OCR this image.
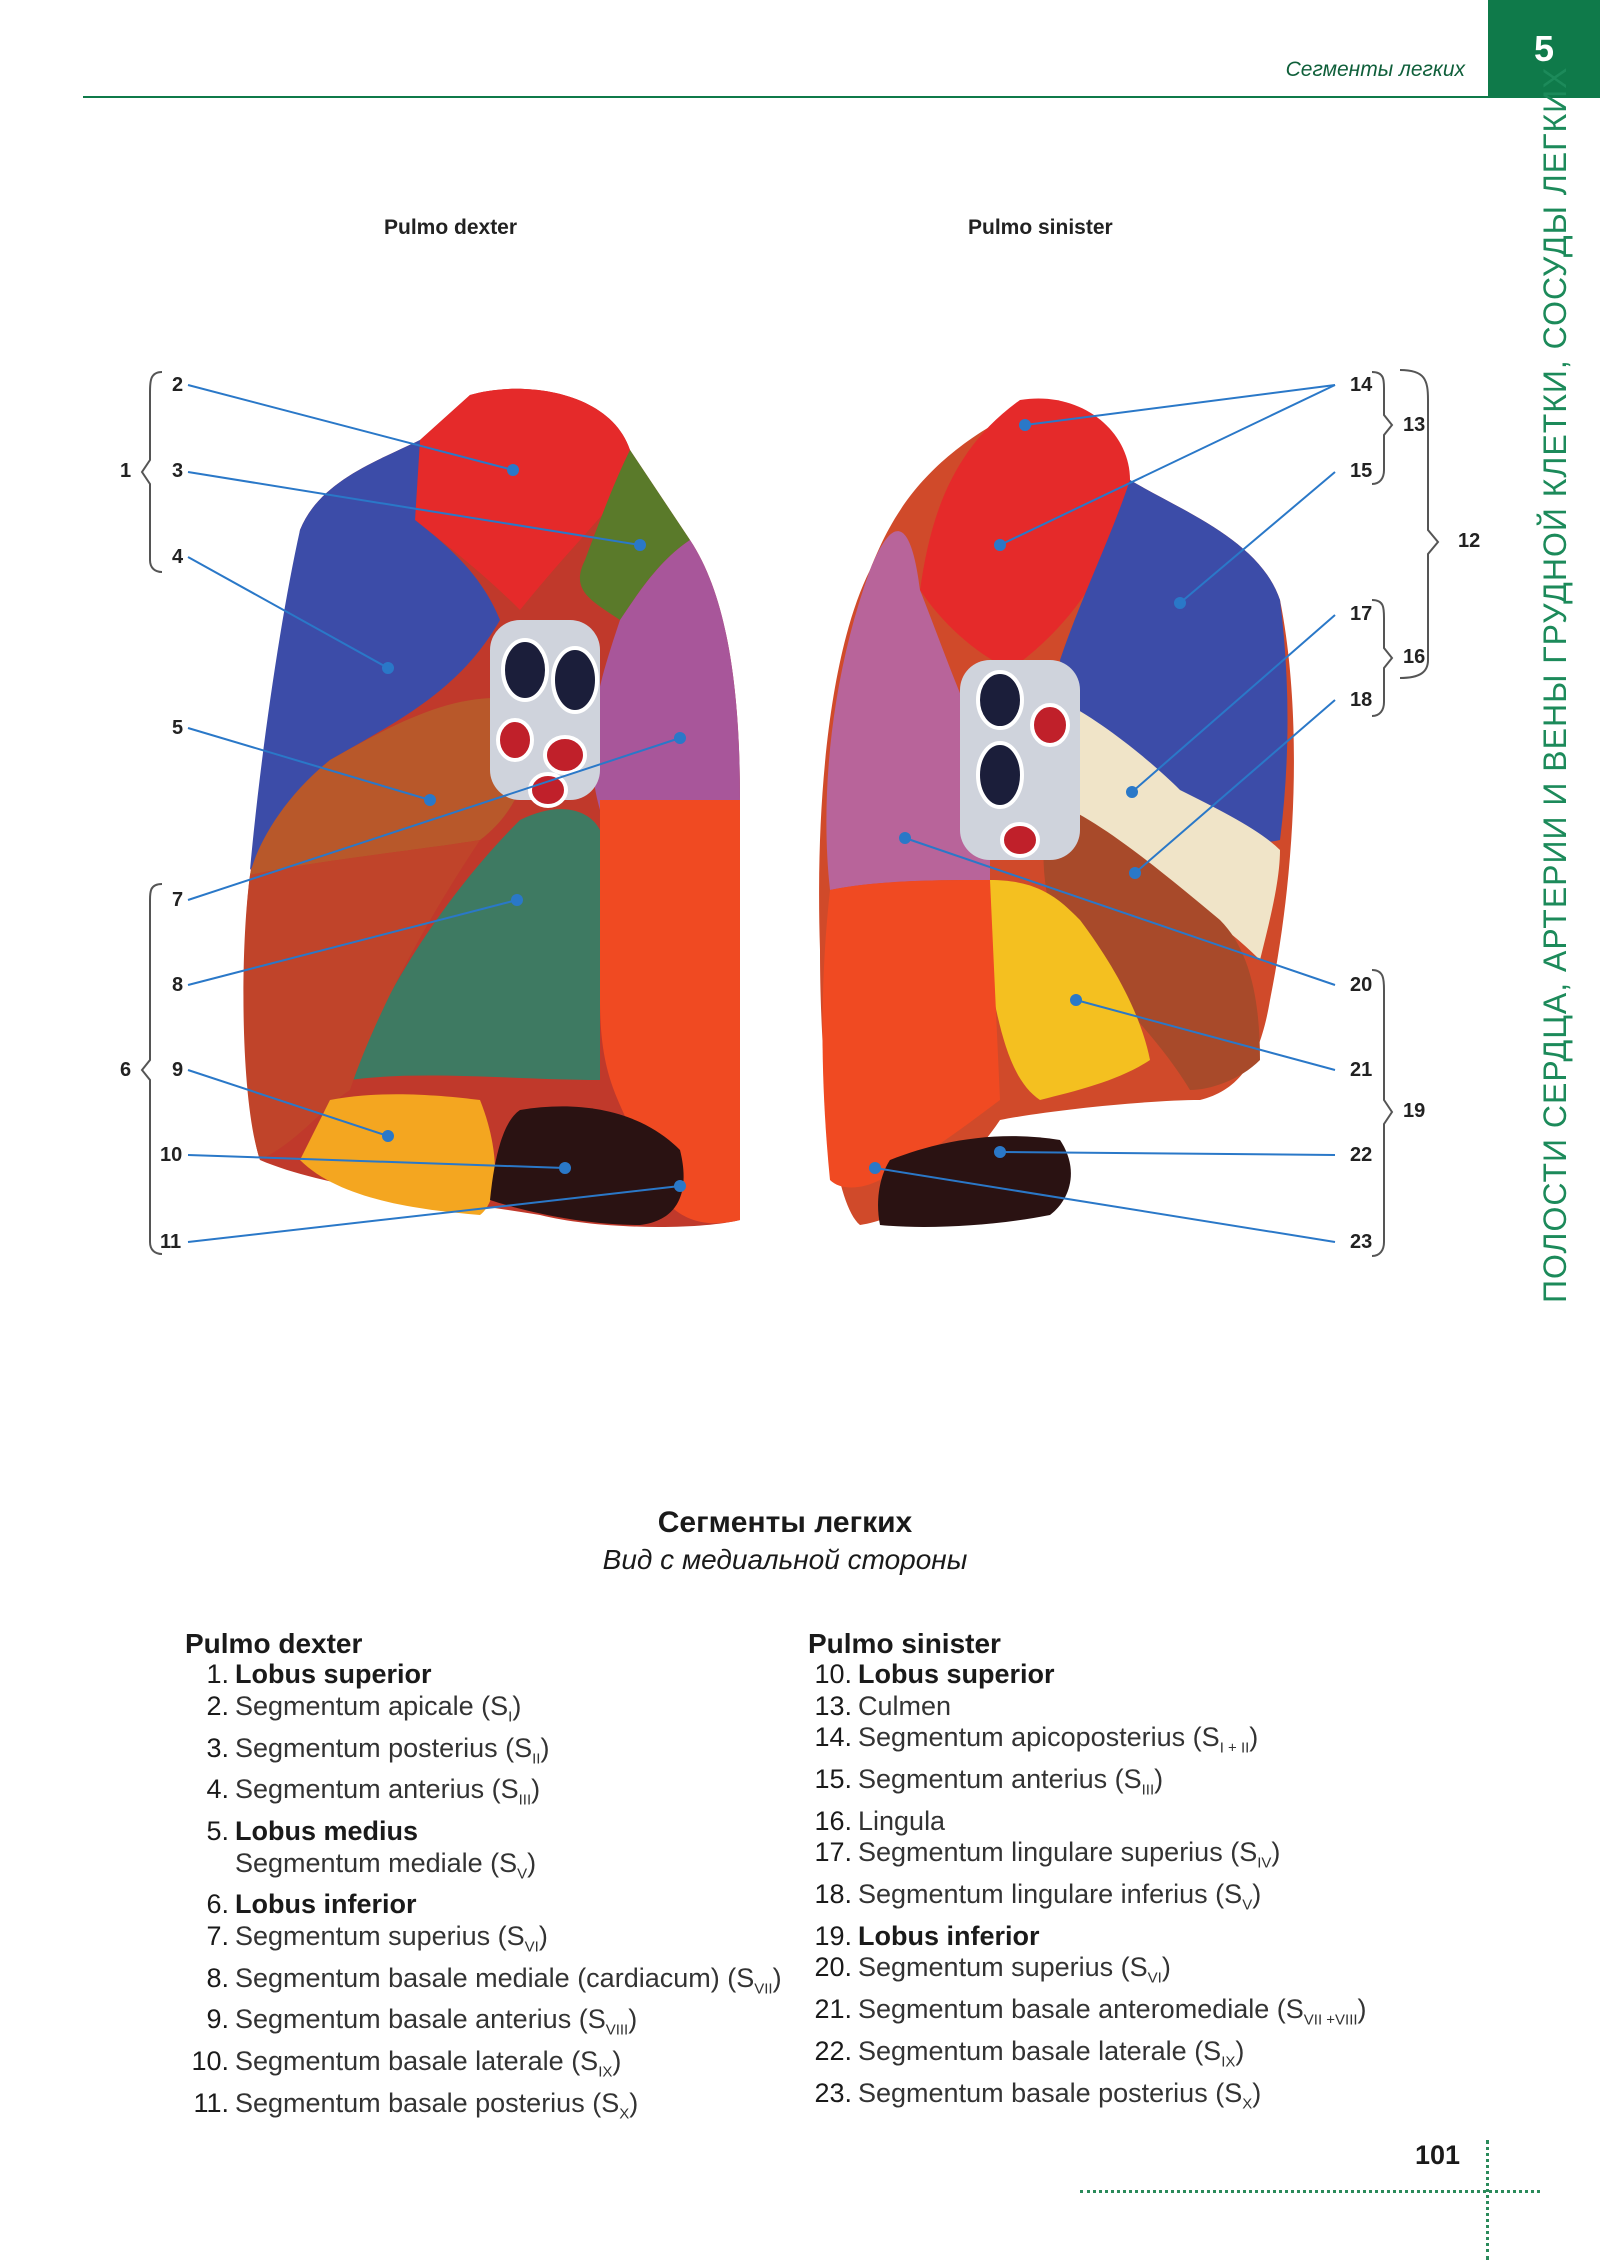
Сегменты легких
5
ПОЛОСТИ СЕРДЦА, АРТЕРИИ И ВЕНЫ ГРУДНОЙ КЛЕТКИ, СОСУДЫ ЛЕГКИХ
Pulmo dexter	Pulmo sinister
1
2
3
4
5
6
7
8
9
10
11
12
13
14
15
16
17
18
19
20
21
22
23
Сегменты легких
Вид с медиальной стороны
Pulmo dexter
1. Lobus superior
2. Segmentum apicale $(S_I)$
3. Segmentum posterius $(S_{II})$
4. Segmentum anterius $(S_{III})$
5. Lobus medius
Segmentum mediale $(S_V)$
6. Lobus inferior
7. Segmentum superius $(S_{VI})$
8. Segmentum basale mediale (cardiacum) $(S_{VII})$
9. Segmentum basale anterius $(S_{VIII})$
10. Segmentum basale laterale $(S_{IX})$
11. Segmentum basale posterius $(S_X)$
Pulmo sinister
10. Lobus superior
13. Culmen
14. Segmentum apicoposterius $(S_{I + II})$
15. Segmentum anterius $(S_{III})$
16. Lingula
17. Segmentum lingulare superius $(S_{IV})$
18. Segmentum lingulare inferius $(S_V)$
19. Lobus inferior
20. Segmentum superius $(S_{VI})$
21. Segmentum basale anteromediale $(S_{VII +VIII})$
22. Segmentum basale laterale $(S_{IX})$
23. Segmentum basale posterius $(S_X)$
101
